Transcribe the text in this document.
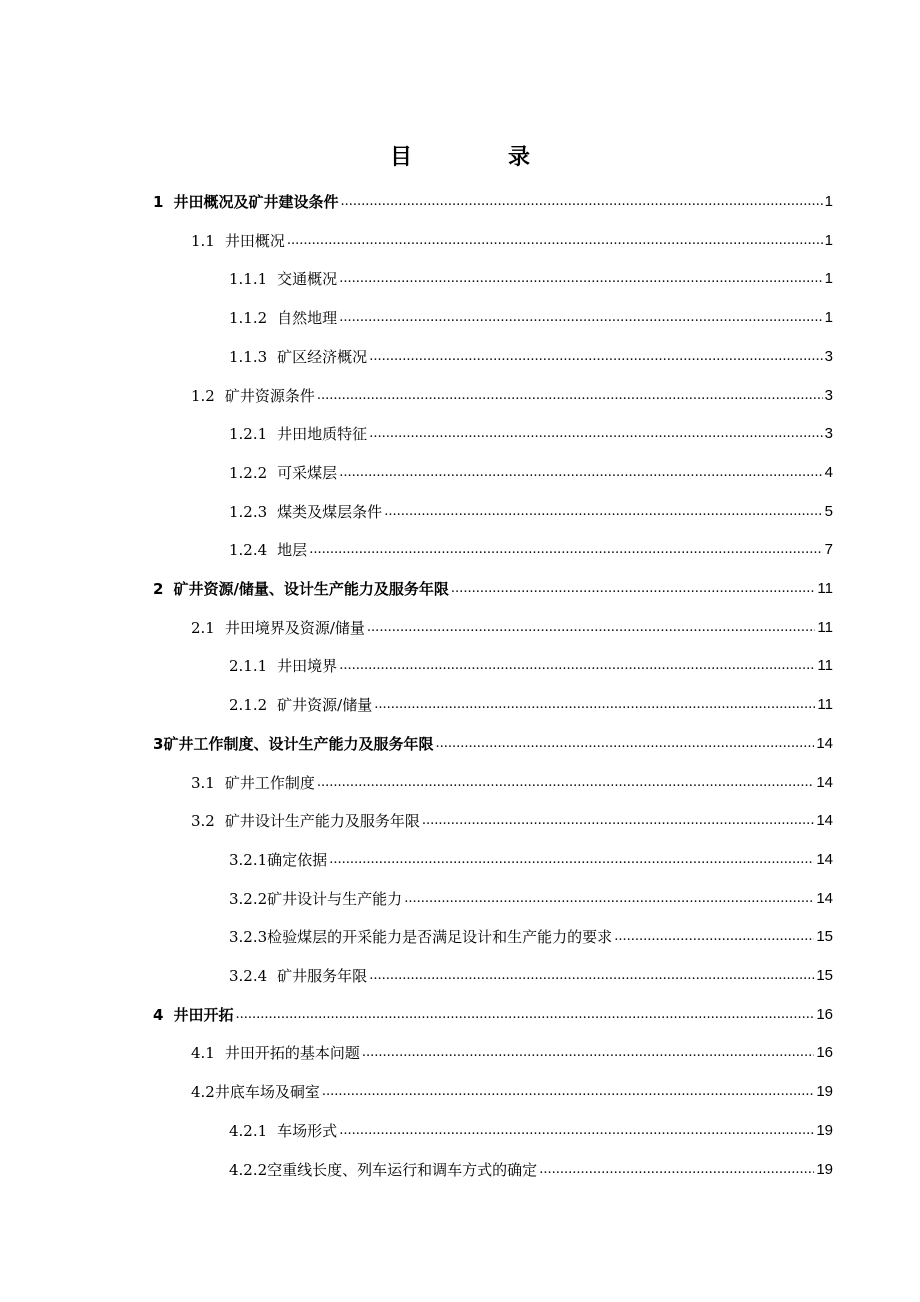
目	录
1 井田概况及矿井建设条件 .....	1
1.1 井田概况 .....	1
1.1.1 交通概况 .....	1
1.1.2 自然地理 .....	1
1.1.3 矿区经济概况 .....	3
1.2 矿井资源条件 .....	3
1.2.1 井田地质特征 .....	3
1.2.2 可采煤层 .....	4
1.2.3 煤类及煤层条件 .....	5
1.2.4 地层 .....	7
2 矿井资源/储量、设计生产能力及服务年限 .....	11
2.1 井田境界及资源/储量 .....	11
2.1.1 井田境界 .....	11
2.1.2 矿井资源/储量 .....	11
3 矿井工作制度、设计生产能力及服务年限 .....	14
3.1 矿井工作制度 .....	14
3.2 矿井设计生产能力及服务年限 .....	14
3.2.1 确定依据 .....	14
3.2.2 矿井设计与生产能力 .....	14
3.2.3 检验煤层的开采能力是否满足设计和生产能力的要求 .....	15
3.2.4 矿井服务年限 .....	15
4 井田开拓 .....	16
4.1 井田开拓的基本问题 .....	16
4.2 井底车场及硐室 .....	19
4.2.1 车场形式 .....	19
4.2.2 空重线长度、列车运行和调车方式的确定 .....	19
